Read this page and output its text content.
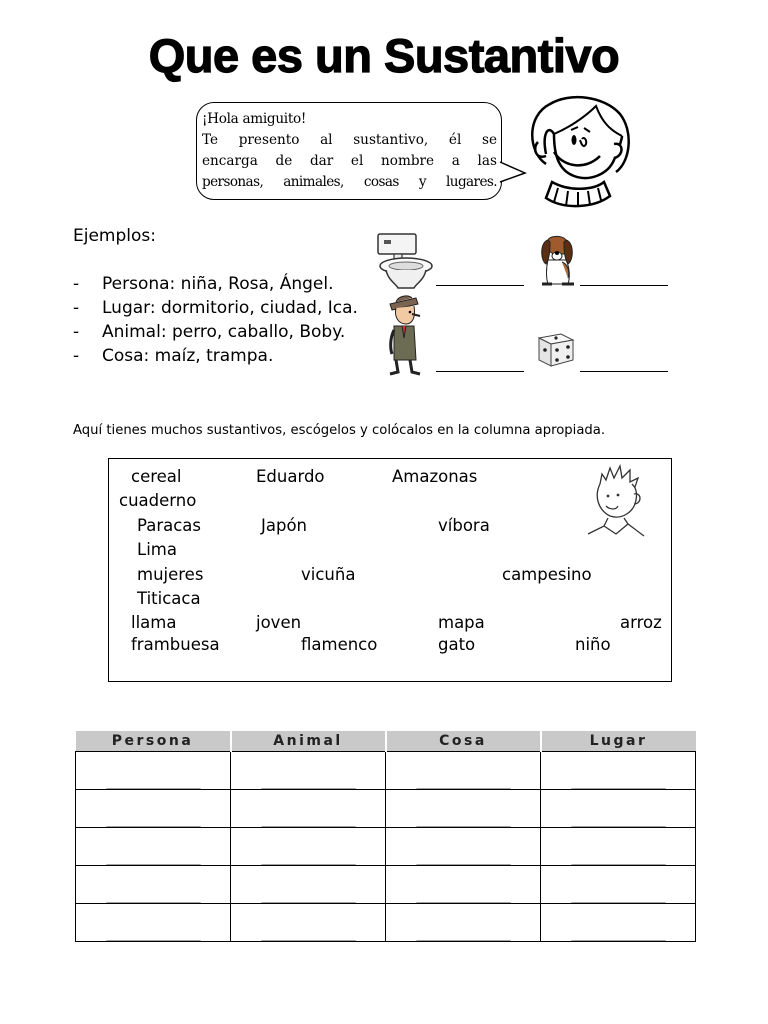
Que es un Sustantivo
¡Hola amiguito!
Te presento al sustantivo, él se
encarga de dar el nombre a las
personas, animales, cosas y lugares.
Ejemplos:
- Persona: niña, Rosa, Ángel.
- Lugar: dormitorio, ciudad, Ica.
- Animal: perro, caballo, Boby.
- Cosa: maíz, trampa.
Aquí tienes muchos sustantivos, escógelos y colócalos en la columna apropiada.
cereal	Eduardo	Amazonas
cuaderno
Paracas	Japón	víbora
Lima
mujeres	vicuña	campesino
Titicaca
llama	joven	mapa	arroz
frambuesa	flamenco	gato	niño
Persona	Animal	Cosa	Lugar
_______________	_______________	_______________	_______________
_______________	_______________	_______________	_______________
_______________	_______________	_______________	_______________
_______________	_______________	_______________	_______________
_______________	_______________	_______________	_______________
